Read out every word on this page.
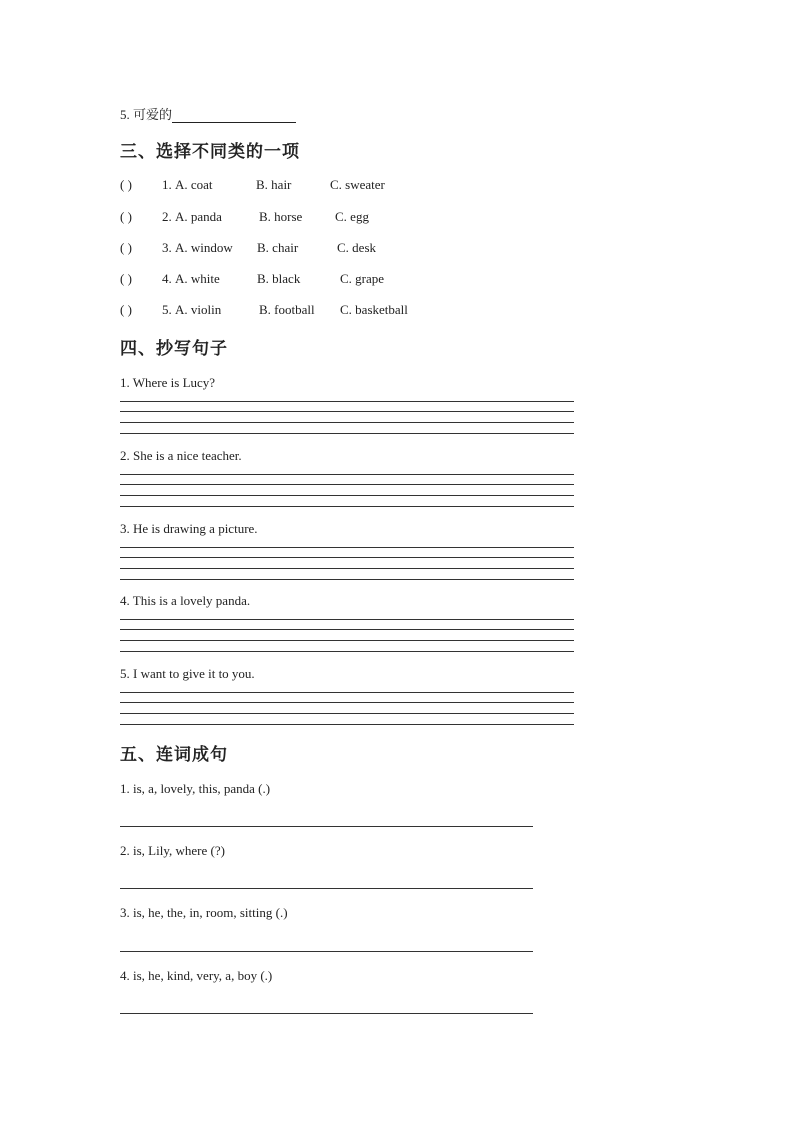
5. 可爱的
三、选择不同类的一项
( ) 1. A. coat	B. hair	C. sweater
( ) 2. A. panda	B. horse	C. egg
( ) 3. A. window B. chair	C. desk
( ) 4. A. white	B. black	C. grape
( ) 5. A. violin	B. football C. basketball
四、抄写句子
1. Where is Lucy?
2. She is a nice teacher.
3. He is drawing a picture.
4. This is a lovely panda.
5. I want to give it to you.
五、连词成句
1. is, a, lovely, this, panda (.)
2. is, Lily, where (?)
3. is, he, the, in, room, sitting (.)
4. is, he, kind, very, a, boy (.)
